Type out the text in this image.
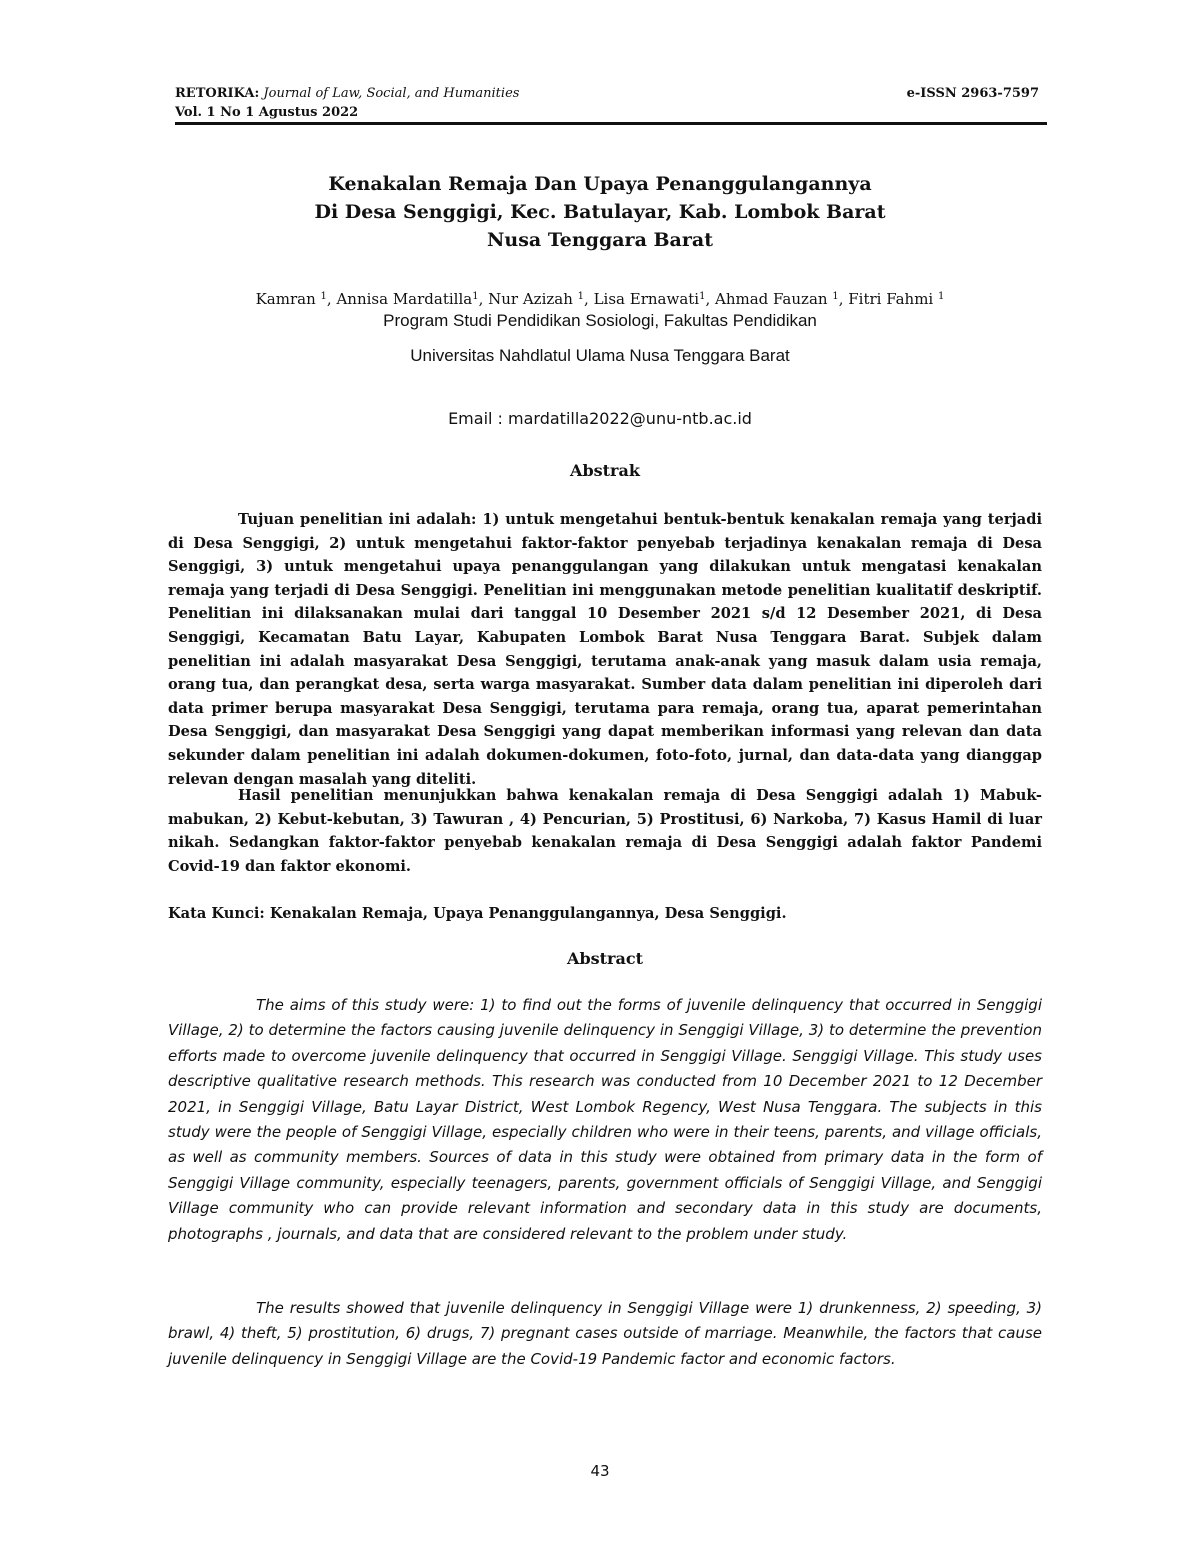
RETORIKA: Journal of Law, Social, and Humanities
Vol. 1 No 1 Agustus 2022
e-ISSN 2963-7597
Kenakalan Remaja Dan Upaya Penanggulangannya
Di Desa Senggigi, Kec. Batulayar, Kab. Lombok Barat
Nusa Tenggara Barat
Kamran $^1$, Annisa Mardatilla$^1$, Nur Azizah $^1$, Lisa Ernawati$^1$, Ahmad Fauzan $^1$, Fitri Fahmi $^1$
Program Studi Pendidikan Sosiologi, Fakultas Pendidikan
Universitas Nahdlatul Ulama Nusa Tenggara Barat
Email : mardatilla2022@unu-ntb.ac.id
Abstrak

Tujuan penelitian ini adalah: 1) untuk mengetahui bentuk-bentuk kenakalan remaja yang terjadi di Desa Senggigi, 2) untuk mengetahui faktor-faktor penyebab terjadinya kenakalan remaja di Desa Senggigi, 3) untuk mengetahui upaya penanggulangan yang dilakukan untuk mengatasi kenakalan remaja yang terjadi di Desa Senggigi. Penelitian ini menggunakan metode penelitian kualitatif deskriptif. Penelitian ini dilaksanakan mulai dari tanggal 10 Desember 2021 s/d 12 Desember 2021, di Desa Senggigi, Kecamatan Batu Layar, Kabupaten Lombok Barat Nusa Tenggara Barat. Subjek dalam penelitian ini adalah masyarakat Desa Senggigi, terutama anak-anak yang masuk dalam usia remaja, orang tua, dan perangkat desa, serta warga masyarakat. Sumber data dalam penelitian ini diperoleh dari data primer berupa masyarakat Desa Senggigi, terutama para remaja, orang tua, aparat pemerintahan Desa Senggigi, dan masyarakat Desa Senggigi yang dapat memberikan informasi yang relevan dan data sekunder dalam penelitian ini adalah dokumen-dokumen, foto-foto, jurnal, dan data-data yang dianggap relevan dengan masalah yang diteliti.

Hasil penelitian menunjukkan bahwa kenakalan remaja di Desa Senggigi adalah 1) Mabuk-mabukan, 2) Kebut-kebutan, 3) Tawuran , 4) Pencurian, 5) Prostitusi, 6) Narkoba, 7) Kasus Hamil di luar nikah. Sedangkan faktor-faktor penyebab kenakalan remaja di Desa Senggigi adalah faktor Pandemi Covid-19 dan faktor ekonomi.

Kata Kunci: Kenakalan Remaja, Upaya Penanggulangannya, Desa Senggigi.
Abstract

The aims of this study were: 1) to find out the forms of juvenile delinquency that occurred in Senggigi Village, 2) to determine the factors causing juvenile delinquency in Senggigi Village, 3) to determine the prevention efforts made to overcome juvenile delinquency that occurred in Senggigi Village. Senggigi Village. This study uses descriptive qualitative research methods. This research was conducted from 10 December 2021 to 12 December 2021, in Senggigi Village, Batu Layar District, West Lombok Regency, West Nusa Tenggara. The subjects in this study were the people of Senggigi Village, especially children who were in their teens, parents, and village officials, as well as community members. Sources of data in this study were obtained from primary data in the form of Senggigi Village community, especially teenagers, parents, government officials of Senggigi Village, and Senggigi Village community who can provide relevant information and secondary data in this study are documents, photographs , journals, and data that are considered relevant to the problem under study.

The results showed that juvenile delinquency in Senggigi Village were 1) drunkenness, 2) speeding, 3) brawl, 4) theft, 5) prostitution, 6) drugs, 7) pregnant cases outside of marriage. Meanwhile, the factors that cause juvenile delinquency in Senggigi Village are the Covid-19 Pandemic factor and economic factors.

43
